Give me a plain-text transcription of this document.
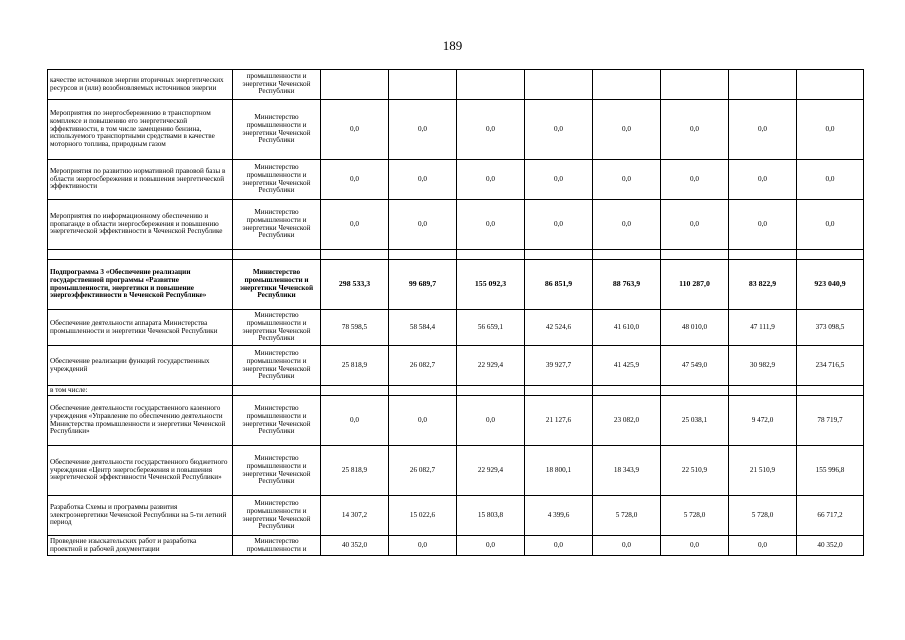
189
качестве источников энергии вторичных энергетических ресурсов и (или) возобновляемых источников энергии	промышленности и энергетики Чеченской Республики								
Мероприятия по энергосбережению в транспортном комплексе и повышению его энергетической эффективности, в том числе замещению бензина, используемого транспортными средствами в качестве моторного топлива, природным газом	Министерство промышленности и энергетики Чеченской Республики	0,0	0,0	0,0	0,0	0,0	0,0	0,0	0,0
Мероприятия по развитию нормативной правовой базы в области энергосбережения и повышения энергетической эффективности	Министерство промышленности и энергетики Чеченской Республики	0,0	0,0	0,0	0,0	0,0	0,0	0,0	0,0
Мероприятия по информационному обеспечению и пропаганде в области энергосбережения и повышению энергетической эффективности в Чеченской Республике	Министерство промышленности и энергетики Чеченской Республики	0,0	0,0	0,0	0,0	0,0	0,0	0,0	0,0

Подпрограмма 3 «Обеспечение реализации государственной программы «Развитие промышленности, энергетики и повышение энергоэффективности в Чеченской Республике»	Министерство промышленности и энергетики Чеченской Республики	298 533,3	99 689,7	155 092,3	86 851,9	88 763,9	110 287,0	83 822,9	923 040,9
Обеспечение деятельности аппарата Министерства промышленности и энергетики Чеченской Республики	Министерство промышленности и энергетики Чеченской Республики	78 598,5	58 584,4	56 659,1	42 524,6	41 610,0	48 010,0	47 111,9	373 098,5
Обеспечение реализации функций государственных учреждений	Министерство промышленности и энергетики Чеченской Республики	25 818,9	26 082,7	22 929,4	39 927,7	41 425,9	47 549,0	30 982,9	234 716,5
в том числе:									
Обеспечение деятельности государственного казенного учреждения «Управление по обеспечению деятельности Министерства промышленности и энергетики Чеченской Республики»	Министерство промышленности и энергетики Чеченской Республики	0,0	0,0	0,0	21 127,6	23 082,0	25 038,1	9 472,0	78 719,7
Обеспечение деятельности государственного бюджетного учреждения «Центр энергосбережения и повышения энергетической эффективности Чеченской Республики»	Министерство промышленности и энергетики Чеченской Республики	25 818,9	26 082,7	22 929,4	18 800,1	18 343,9	22 510,9	21 510,9	155 996,8
Разработка Схемы и программы развития электроэнергетики Чеченской Республики на 5-ти летний период	Министерство промышленности и энергетики Чеченской Республики	14 307,2	15 022,6	15 803,8	4 399,6	5 728,0	5 728,0	5 728,0	66 717,2
Проведение изыскательских работ и разработка проектной и рабочей документации	Министерство промышленности и	40 352,0	0,0	0,0	0,0	0,0	0,0	0,0	40 352,0
